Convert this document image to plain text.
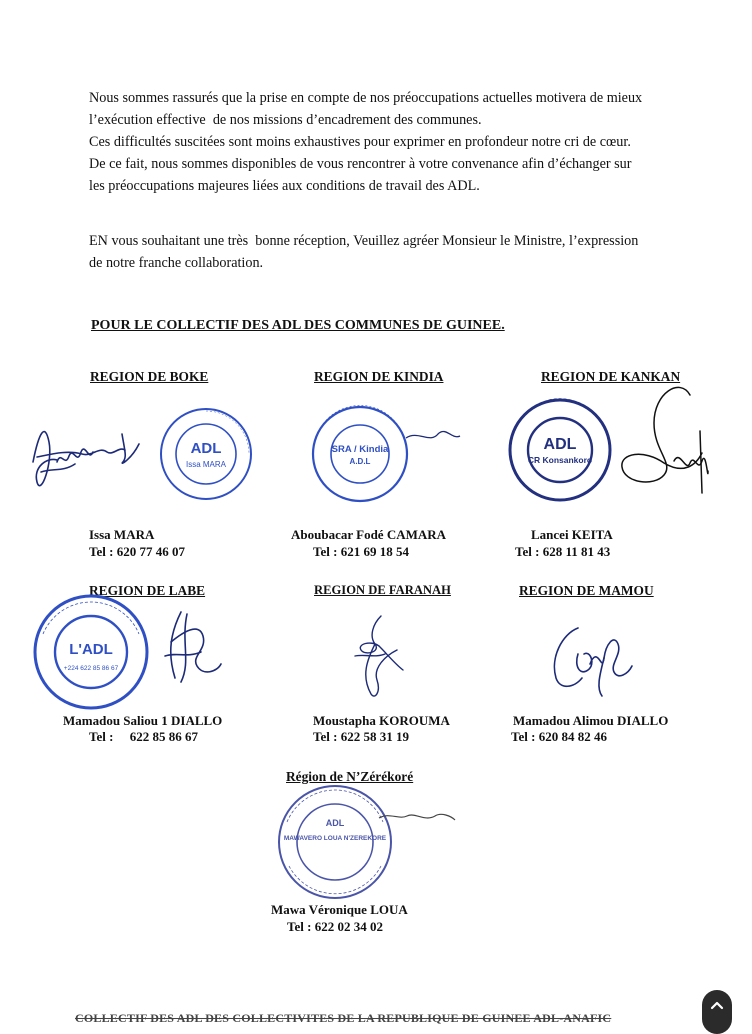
Nous sommes rassurés que la prise en compte de nos préoccupations actuelles motivera de mieux
l’exécution effective  de nos missions d’encadrement des communes.
Ces difficultés suscitées sont moins exhaustives pour exprimer en profondeur notre cri de cœur.
De ce fait, nous sommes disponibles de vous rencontrer à votre convenance afin d’échanger sur
les préoccupations majeures liées aux conditions de travail des ADL.

EN vous souhaitant une très  bonne réception, Veuillez agréer Monsieur le Ministre, l’expression
de notre franche collaboration.

POUR LE COLLECTIF DES ADL DES COMMUNES DE GUINEE.
REGION DE BOKE	REGION DE KINDIA	REGION DE KANKAN
REGION DE LABE	REGION DE FARANAH	REGION DE MAMOU
Région de N’Zérékoré
ADL
Issa MARA
Issa MARA
Tel : 620 77 46 07
SRA / Kindia
A.D.L
Aboubacar Fodé CAMARA
Tel : 621 69 18 54
ADL
CR Konsankoro
Lancei KEITA
Tel : 628 11 81 43
L'ADL
+224 622 85 86 67
Mamadou Saliou 1 DIALLO
Tel :     622 85 86 67
Moustapha KOROUMA
Tel : 622 58 31 19
Mamadou Alimou DIALLO
Tel : 620 84 82 46
ADL
MAWAVERO LOUA N'ZEREKORE
Mawa Véronique LOUA
Tel : 622 02 34 02
COLLECTIF DES ADL DES COLLECTIVITES DE LA REPUBLIQUE DE GUINEE ADL-ANAFIC
